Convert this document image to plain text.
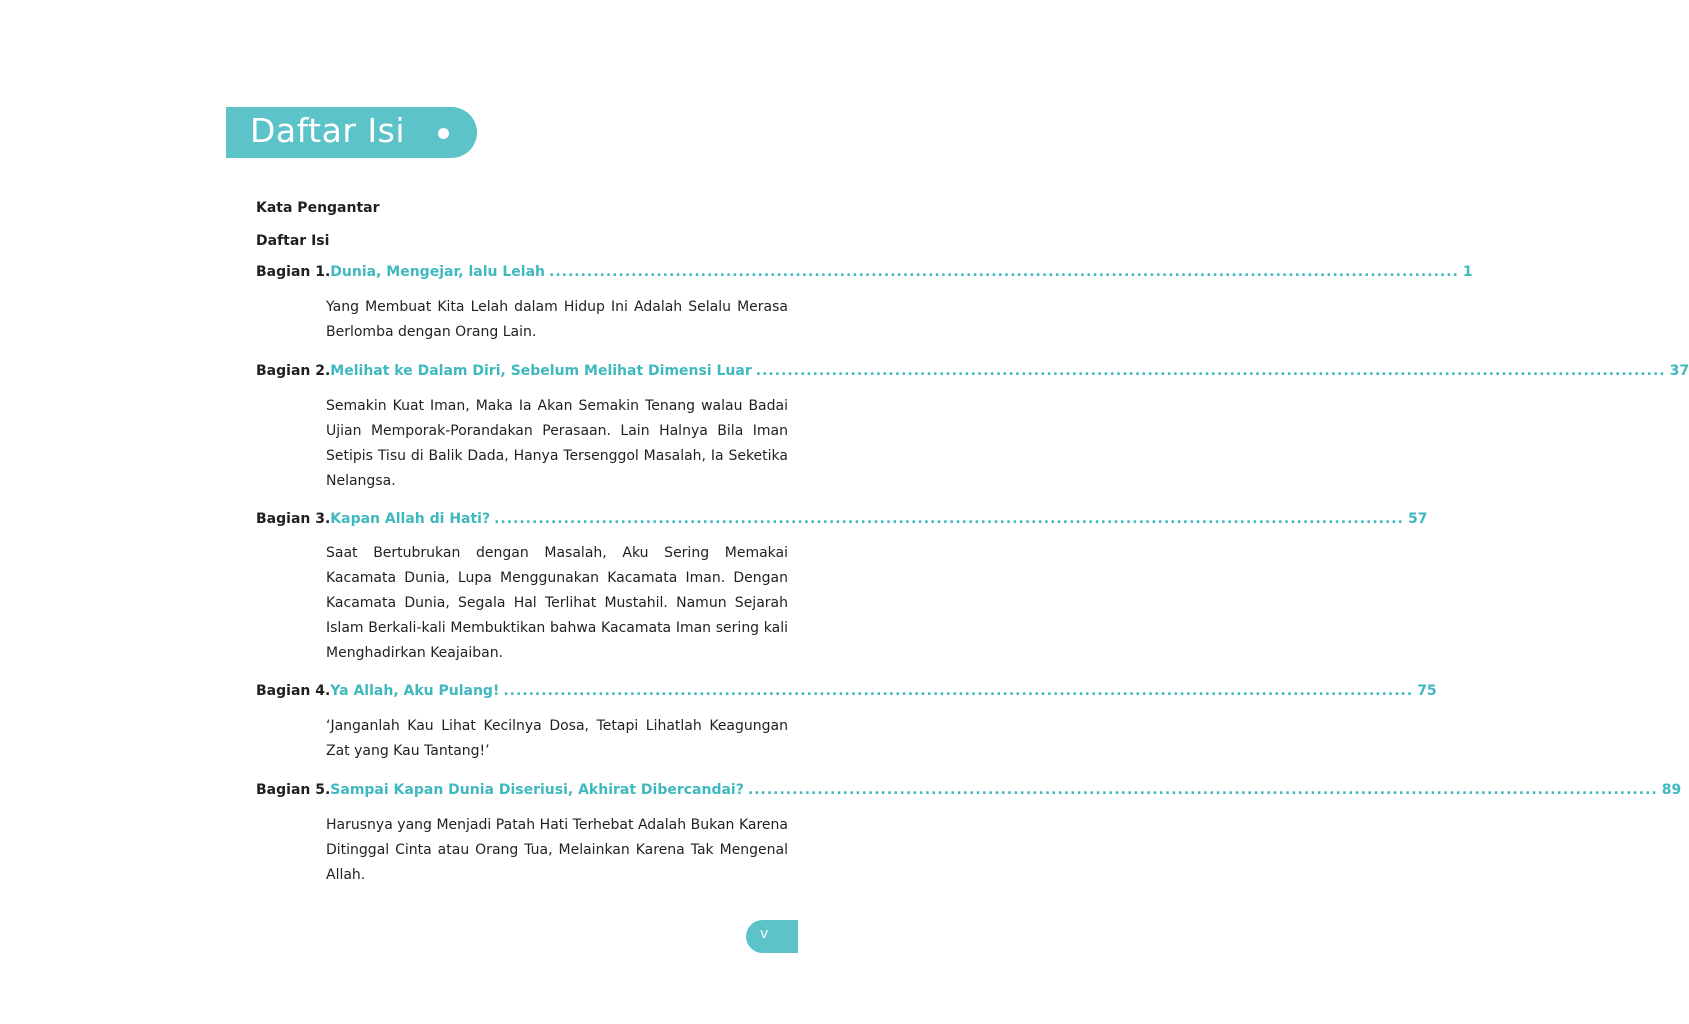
Daftar Isi
Kata Pengantar
Daftar Isi
Bagian 1. Dunia, Mengejar, lalu Lelah ................................................................................................................................................ 1
Yang Membuat Kita Lelah dalam Hidup Ini Adalah Selalu Merasa Berlomba dengan Orang Lain.
Bagian 2. Melihat ke Dalam Diri, Sebelum Melihat Dimensi Luar ................................................................................................................................................ 37
Semakin Kuat Iman, Maka Ia Akan Semakin Tenang walau Badai Ujian Memporak-Porandakan Perasaan. Lain Halnya Bila Iman Setipis Tisu di Balik Dada, Hanya Tersenggol Masalah, Ia Seketika Nelangsa.
Bagian 3. Kapan Allah di Hati? ................................................................................................................................................ 57
Saat Bertubrukan dengan Masalah, Aku Sering Memakai Kacamata Dunia, Lupa Menggunakan Kacamata Iman. Dengan Kacamata Dunia, Segala Hal Terlihat Mustahil. Namun Sejarah Islam Berkali-kali Membuktikan bahwa Kacamata Iman sering kali Menghadirkan Keajaiban.
Bagian 4. Ya Allah, Aku Pulang! ................................................................................................................................................ 75
‘Janganlah Kau Lihat Kecilnya Dosa, Tetapi Lihatlah Keagungan Zat yang Kau Tantang!’
Bagian 5. Sampai Kapan Dunia Diseriusi, Akhirat Dibercandai? ................................................................................................................................................ 89
Harusnya yang Menjadi Patah Hati Terhebat Adalah Bukan Karena Ditinggal Cinta atau Orang Tua, Melainkan Karena Tak Mengenal Allah.
v
